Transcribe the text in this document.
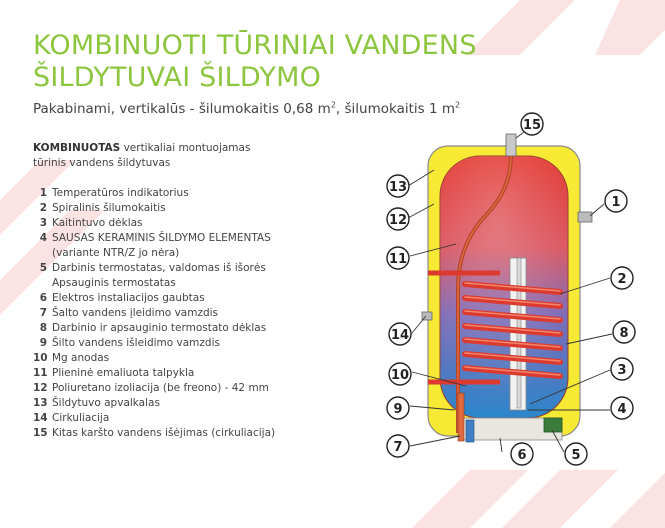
KOMBINUOTI TŪRINIAI VANDENS
ŠILDYTUVAI ŠILDYMO
Pakabinami, vertikalūs - šilumokaitis 0,68 $m^2$, šilumokaitis 1 $m^2$
KOMBINUOTAS vertikaliai montuojamas
tūrinis vandens šildytuvas
1 Temperatūros indikatorius
2 Spiralinis šilumokaitis
3 Kaitintuvo dėklas
4 SAUSAS KERAMINIS ŠILDYMO ELEMENTAS
(variante NTR/Z jo nėra)
5 Darbinis termostatas, valdomas iš išorės
Apsauginis termostatas
6 Elektros instaliacijos gaubtas
7 Šalto vandens įleidimo vamzdis
8 Darbinio ir apsauginio termostato dėklas
9 Šilto vandens išleidimo vamzdis
10 Mg anodas
11 Plieninė emaliuota talpykla
12 Poliuretano izoliacija (be freono) - 42 mm
13 Šildytuvo apvalkalas
14 Cirkuliacija
15 Kitas karšto vandens išėjimas (cirkuliacija)
15
13
1
12
11
2
14	8
10	3
9	4
7
6	5
